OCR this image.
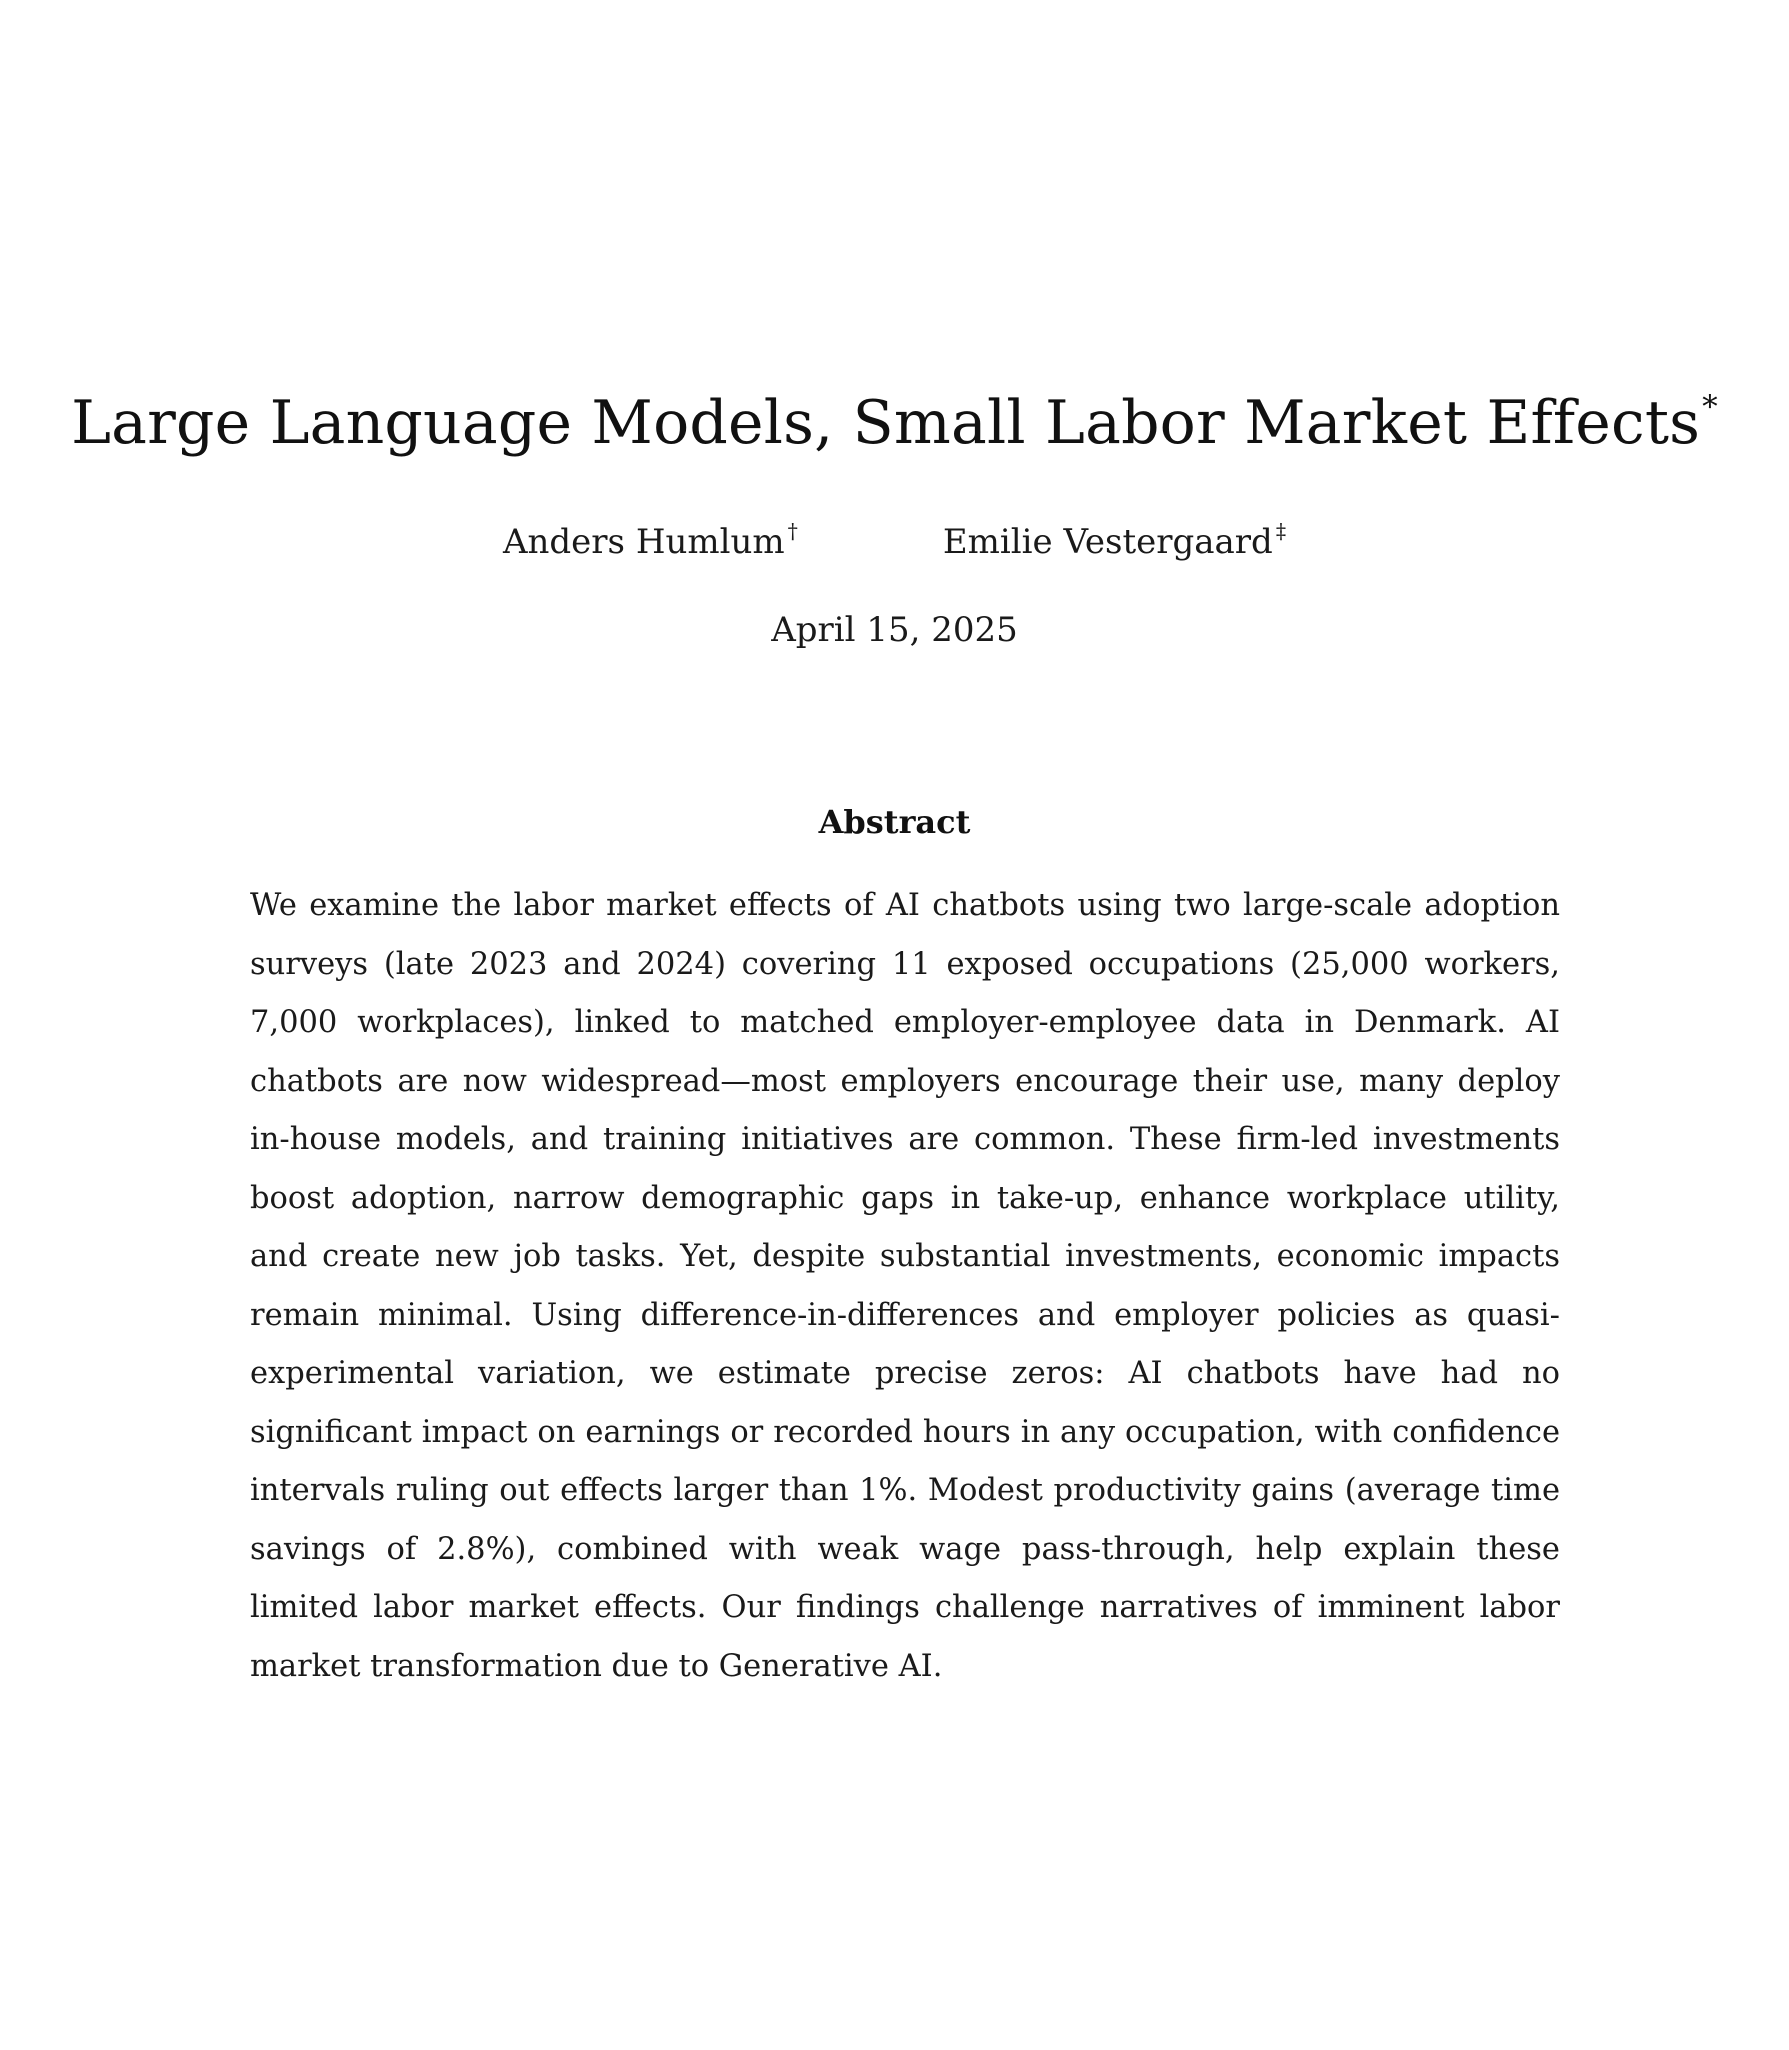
Large Language Models, Small Labor Market Effects*
Anders Humlum †	Emilie Vestergaard ‡
April 15, 2025
Abstract

We examine the labor market effects of AI chatbots using two large-scale adoption surveys (late 2023 and 2024) covering 11 exposed occupations (25,000 workers, 7,000 workplaces), linked to matched employer-employee data in Denmark. AI chatbots are now widespread—most employers encourage their use, many deploy in-house models, and training initiatives are common. These firm-led investments boost adoption, narrow demographic gaps in take-up, enhance workplace utility, and create new job tasks. Yet, despite substantial investments, economic impacts remain minimal. Using difference-in-differences and employer policies as quasi-experimental variation, we estimate precise zeros: AI chatbots have had no significant impact on earnings or recorded hours in any occupation, with confidence intervals ruling out effects larger than 1%. Modest productivity gains (average time savings of 2.8%), combined with weak wage pass-through, help explain these limited labor market effects. Our findings challenge narratives of imminent labor market transformation due to Generative AI.
